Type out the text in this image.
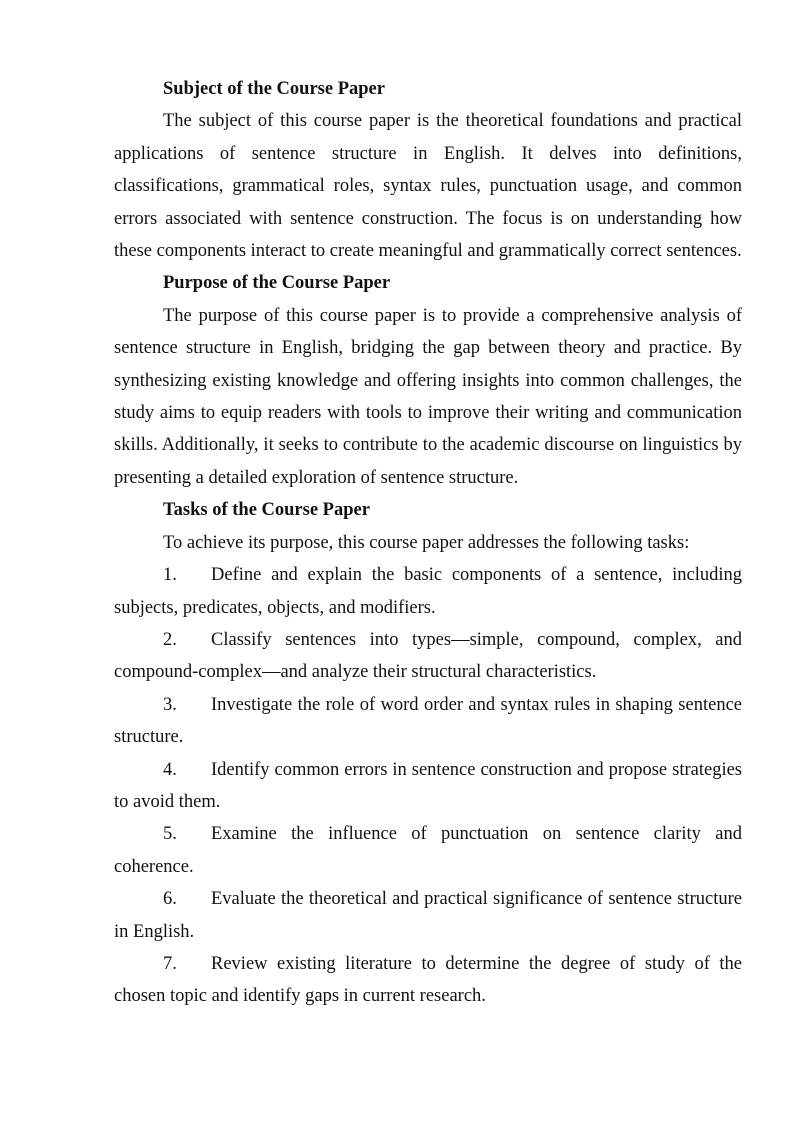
Subject of the Course Paper

The subject of this course paper is the theoretical foundations and practical applications of sentence structure in English. It delves into definitions, classifications, grammatical roles, syntax rules, punctuation usage, and common errors associated with sentence construction. The focus is on understanding how these components interact to create meaningful and grammatically correct sentences.

Purpose of the Course Paper

The purpose of this course paper is to provide a comprehensive analysis of sentence structure in English, bridging the gap between theory and practice. By synthesizing existing knowledge and offering insights into common challenges, the study aims to equip readers with tools to improve their writing and communication skills. Additionally, it seeks to contribute to the academic discourse on linguistics by presenting a detailed exploration of sentence structure.

Tasks of the Course Paper

To achieve its purpose, this course paper addresses the following tasks:

1. Define and explain the basic components of a sentence, including subjects, predicates, objects, and modifiers.

2. Classify sentences into types—simple, compound, complex, and compound-complex—and analyze their structural characteristics.

3. Investigate the role of word order and syntax rules in shaping sentence structure.

4. Identify common errors in sentence construction and propose strategies to avoid them.

5. Examine the influence of punctuation on sentence clarity and coherence.

6. Evaluate the theoretical and practical significance of sentence structure in English.

7. Review existing literature to determine the degree of study of the chosen topic and identify gaps in current research.
